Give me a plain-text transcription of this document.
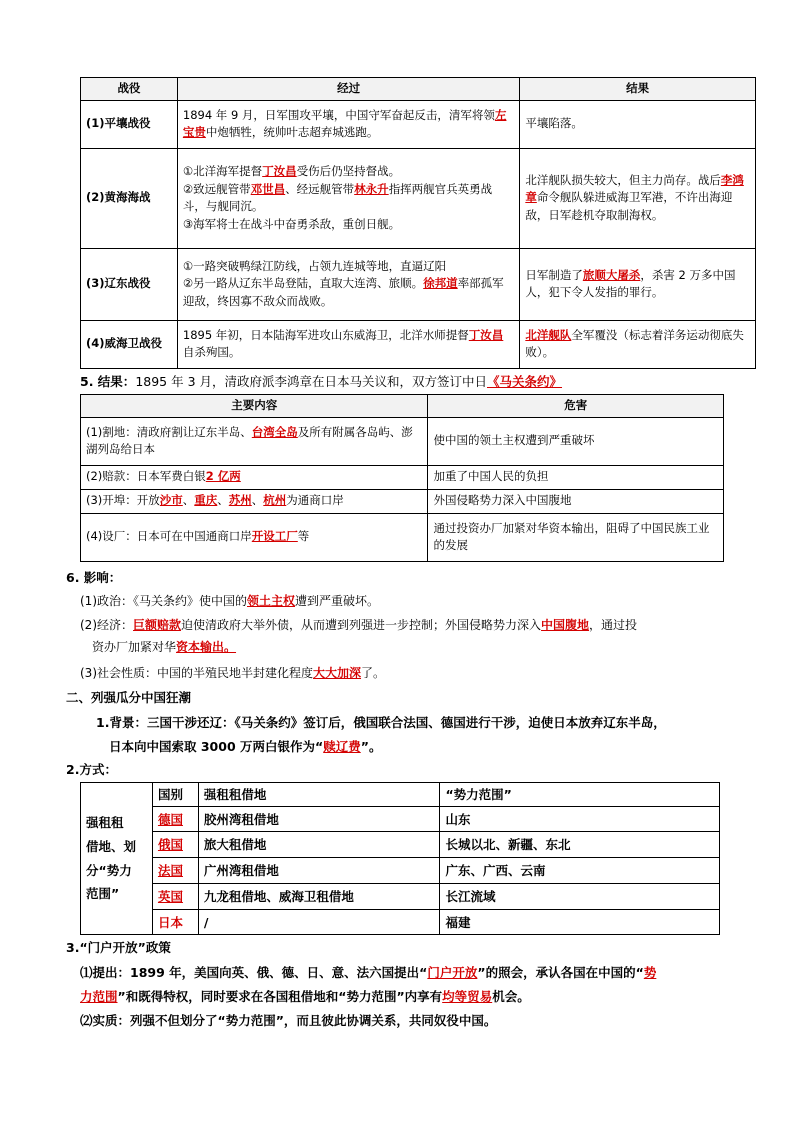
战役	经过	结果
(1)平壤战役	1894 年 9 月，日军围攻平壤，中国守军奋起反击，清军将领左宝贵中炮牺牲，统帅叶志超弃城逃跑。	平壤陷落。

(2)黄海海战	①北洋海军提督丁汝昌受伤后仍坚持督战。
②致远舰管带邓世昌、经远舰管带林永升指挥两舰官兵英勇战斗，与舰同沉。
③海军将士在战斗中奋勇杀敌，重创日舰。	北洋舰队损失较大，但主力尚存。战后李鸿章命令舰队躲进威海卫军港，不许出海迎敌，日军趁机夺取制海权。

(3)辽东战役	①一路突破鸭绿江防线，占领九连城等地，直逼辽阳
②另一路从辽东半岛登陆，直取大连湾、旅顺。徐邦道率部孤军迎敌，终因寡不敌众而战败。	日军制造了旅顺大屠杀，杀害 2 万多中国人，犯下令人发指的罪行。

(4)威海卫战役	1895 年初，日本陆海军进攻山东威海卫，北洋水师提督丁汝昌自杀殉国。	北洋舰队全军覆没（标志着洋务运动彻底失败）。
5. 结果：1895 年 3 月，清政府派李鸿章在日本马关议和，双方签订中日《马关条约》
主要内容	危害
(1)割地：清政府割让辽东半岛、台湾全岛及所有附属各岛屿、澎湖列岛给日本	使中国的领土主权遭到严重破坏
(2)赔款：日本军费白银2 亿两	加重了中国人民的负担
(3)开埠：开放沙市、重庆、苏州、杭州为通商口岸	外国侵略势力深入中国腹地
(4)设厂：日本可在中国通商口岸开设工厂等	通过投资办厂加紧对华资本输出，阻碍了中国民族工业的发展
6. 影响：
(1)政治：《马关条约》使中国的领土主权遭到严重破坏。
(2)经济：巨额赔款迫使清政府大举外债，从而遭到列强进一步控制；外国侵略势力深入中国腹地，通过投
资办厂加紧对华资本输出。
(3)社会性质：中国的半殖民地半封建化程度大大加深了。
二、列强瓜分中国狂潮
1.背景：三国干涉还辽：《马关条约》签订后，俄国联合法国、德国进行干涉，迫使日本放弃辽东半岛，
日本向中国索取 3000 万两白银作为“赎辽费”。
2.方式：
强租租
借地、划
分“势力
范围”	国别	强租租借地	“势力范围”
	德国	胶州湾租借地	山东
	俄国	旅大租借地	长城以北、新疆、东北
	法国	广州湾租借地	广东、广西、云南
	英国	九龙租借地、威海卫租借地	长江流域
	日本	/	福建
3.“门户开放”政策
⑴提出：1899 年，美国向英、俄、德、日、意、法六国提出“门户开放”的照会，承认各国在中国的“势
力范围”和既得特权，同时要求在各国租借地和“势力范围”内享有均等贸易机会。
⑵实质：列强不但划分了“势力范围”，而且彼此协调关系，共同奴役中国。
